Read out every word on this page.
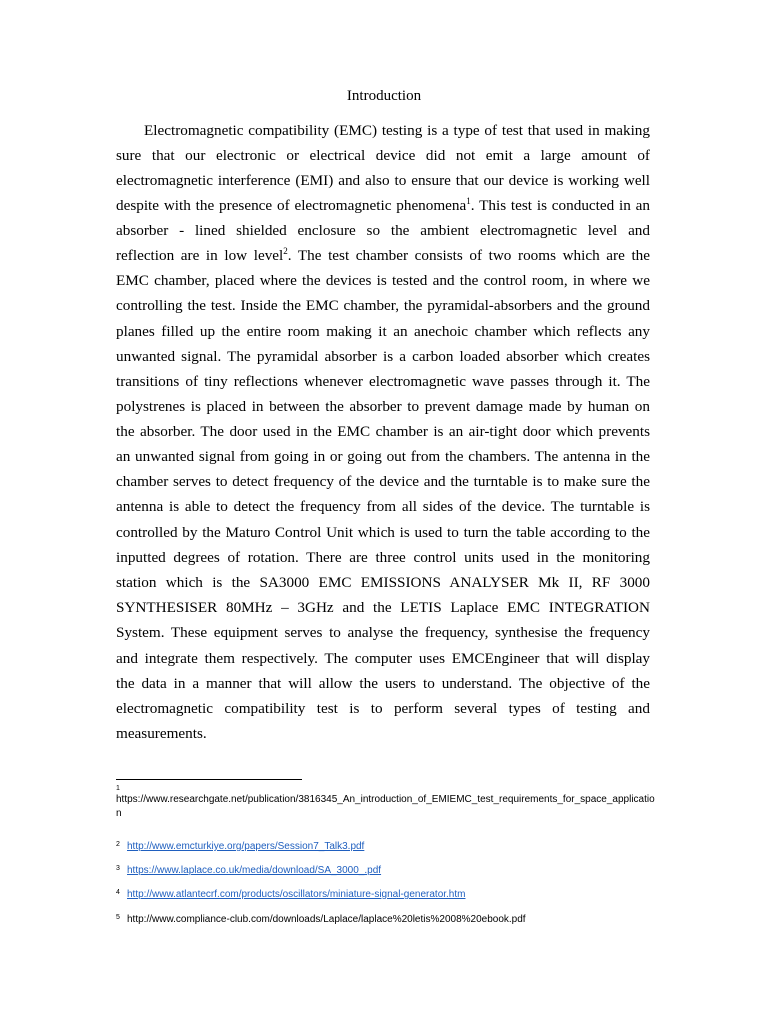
Introduction
Electromagnetic compatibility (EMC) testing is a type of test that used in making
sure that our electronic or electrical device did not emit a large amount of
electromagnetic interference (EMI) and also to ensure that our device is working well
despite with the presence of electromagnetic phenomena$^1$. This test is conducted in an
absorber - lined shielded enclosure so the ambient electromagnetic level and
reflection are in low level$^2$. The test chamber consists of two rooms which are the
EMC chamber, placed where the devices is tested and the control room, in where we
controlling the test. Inside the EMC chamber, the pyramidal-absorbers and the ground
planes filled up the entire room making it an anechoic chamber which reflects any
unwanted signal. The pyramidal absorber is a carbon loaded absorber which creates
transitions of tiny reflections whenever electromagnetic wave passes through it. The
polystrenes is placed in between the absorber to prevent damage made by human on
the absorber. The door used in the EMC chamber is an air-tight door which prevents
an unwanted signal from going in or going out from the chambers. The antenna in the
chamber serves to detect frequency of the device and the turntable is to make sure the
antenna is able to detect the frequency from all sides of the device. The turntable is
controlled by the Maturo Control Unit which is used to turn the table according to the
inputted degrees of rotation. There are three control units used in the monitoring
station which is the SA3000 EMC EMISSIONS ANALYSER Mk II, RF 3000
SYNTHESISER 80MHz – 3GHz and the LETIS Laplace EMC INTEGRATION
System. These equipment serves to analyse the frequency, synthesise the frequency
and integrate them respectively. The computer uses EMCEngineer that will display
the data in a manner that will allow the users to understand. The objective of the
electromagnetic compatibility test is to perform several types of testing and
measurements.
1
https://www.researchgate.net/publication/3816345_An_introduction_of_EMIEMC_test_requirements_for_space_application
2 http://www.emcturkiye.org/papers/Session7_Talk3.pdf
3 https://www.laplace.co.uk/media/download/SA_3000_.pdf
4 http://www.atlantecrf.com/products/oscillators/miniature-signal-generator.htm
5 http://www.compliance-club.com/downloads/Laplace/laplace%20letis%2008%20ebook.pdf
